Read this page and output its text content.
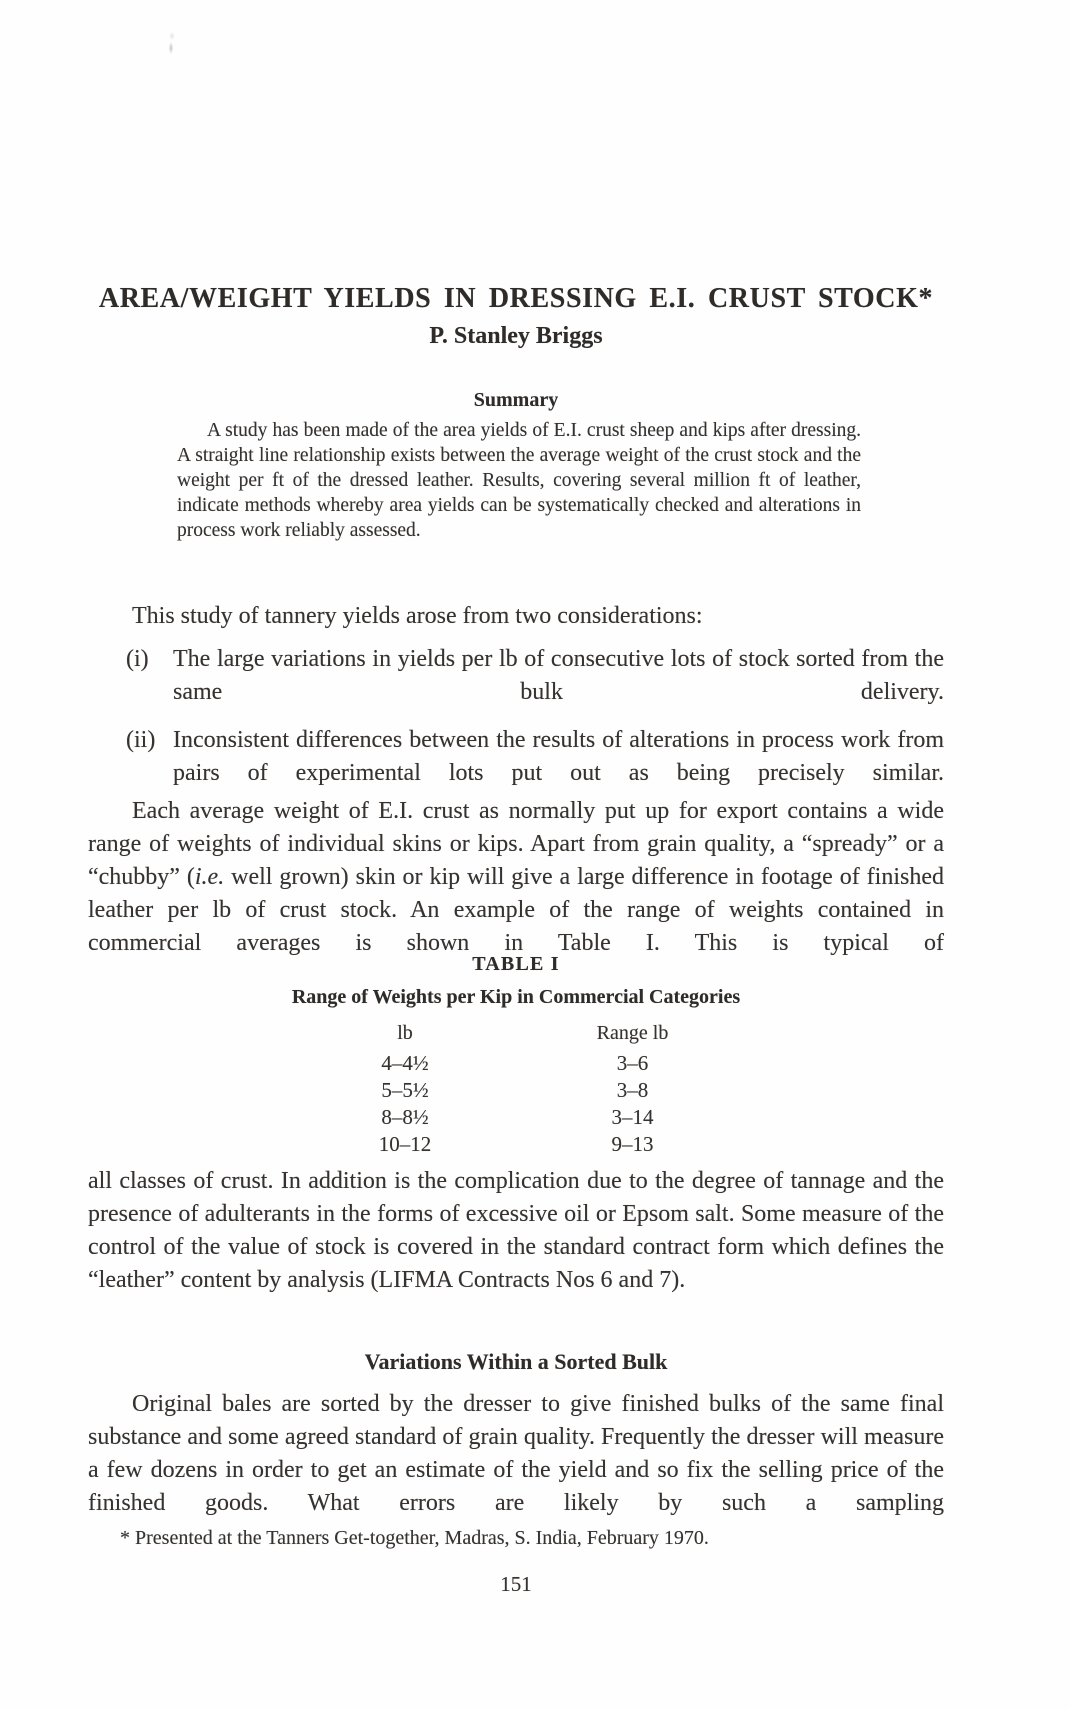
AREA/WEIGHT YIELDS IN DRESSING E.I. CRUST STOCK*
P. Stanley Briggs
Summary
A study has been made of the area yields of E.I. crust sheep and kips after dressing. A straight line relationship exists between the average weight of the crust stock and the weight per ft of the dressed leather. Results, covering several million ft of leather, indicate methods whereby area yields can be systematically checked and alterations in process work reliably assessed.
This study of tannery yields arose from two considerations:
(i)	The large variations in yields per lb of consecutive lots of stock sorted from the same bulk delivery.
(ii) Inconsistent differences between the results of alterations in process work from pairs of experimental lots put out as being precisely similar.
Each average weight of E.I. crust as normally put up for export contains a wide range of weights of individual skins or kips. Apart from grain quality, a “spready” or a “chubby” (i.e. well grown) skin or kip will give a large difference in footage of finished leather per lb of crust stock. An example of the range of weights contained in commercial averages is shown in Table I. This is typical of
TABLE I
Range of Weights per Kip in Commercial Categories
lb	Range lb
4–4½	3–6
5–5½	3–8
8–8½	3–14
10–12	9–13
all classes of crust. In addition is the complication due to the degree of tannage and the presence of adulterants in the forms of excessive oil or Epsom salt. Some measure of the control of the value of stock is covered in the standard contract form which defines the “leather” content by analysis (LIFMA Contracts Nos 6 and 7).
Variations Within a Sorted Bulk
Original bales are sorted by the dresser to give finished bulks of the same final substance and some agreed standard of grain quality. Frequently the dresser will measure a few dozens in order to get an estimate of the yield and so fix the selling price of the finished goods. What errors are likely by such a sampling
* Presented at the Tanners Get-together, Madras, S. India, February 1970.
151
